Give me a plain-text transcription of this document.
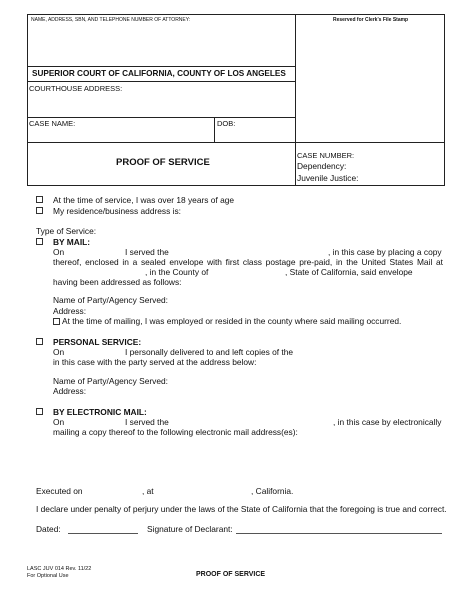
NAME, ADDRESS, SBN, AND TELEPHONE NUMBER OF ATTORNEY:	Reserved for Clerk's File Stamp
SUPERIOR COURT OF CALIFORNIA, COUNTY OF LOS ANGELES
COURTHOUSE ADDRESS:
CASE NAME:	DOB:
PROOF OF SERVICE
CASE NUMBER:
Dependency:
Juvenile Justice:
At the time of service, I was over 18 years of age
My residence/business address is:
Type of Service:
BY MAIL:
On	I served the	, in this case by placing a copy
thereof, enclosed in a sealed envelope with first class postage pre-paid, in the United States Mail at
, in the County of	, State of California, said envelope
having been addressed as follows:
Name of Party/Agency Served:
Address:
At the time of mailing, I was employed or resided in the county where said mailing occurred.
PERSONAL SERVICE:
On	I personally delivered to and left copies of the
in this case with the party served at the address below:
Name of Party/Agency Served:
Address:
BY ELECTRONIC MAIL:
On	I served the	, in this case by electronically
mailing a copy thereof to the following electronic mail address(es):
Executed on	, at	, California.
I declare under penalty of perjury under the laws of the State of California that the foregoing is true and correct.
Dated:	Signature of Declarant:
LASC JUV 014 Rev. 11/22
For Optional Use	PROOF OF SERVICE
